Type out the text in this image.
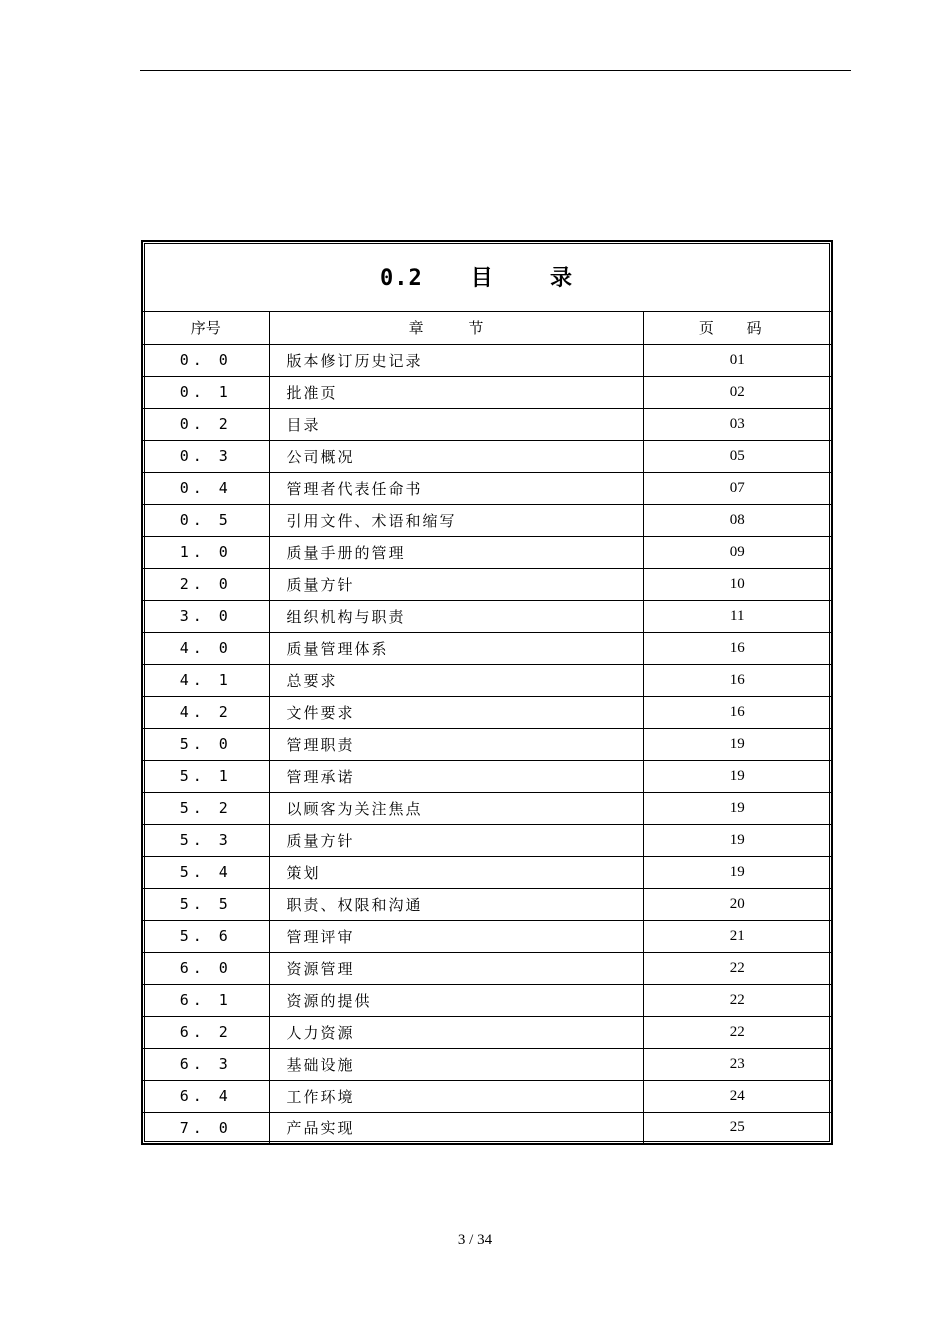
0.2 目 录		
序号	章 节	页 码
0. 0	版本修订历史记录	01
0. 1	批准页	02
0. 2	目录	03
0. 3	公司概况	05
0. 4	管理者代表任命书	07
0. 5	引用文件、术语和缩写	08
1. 0	质量手册的管理	09
2. 0	质量方针	10
3. 0	组织机构与职责	11
4. 0	质量管理体系	16
4. 1	总要求	16
4. 2	文件要求	16
5. 0	管理职责	19
5. 1	管理承诺	19
5. 2	以顾客为关注焦点	19
5. 3	质量方针	19
5. 4	策划	19
5. 5	职责、权限和沟通	20
5. 6	管理评审	21
6. 0	资源管理	22
6. 1	资源的提供	22
6. 2	人力资源	22
6. 3	基础设施	23
6. 4	工作环境	24
7. 0	产品实现	25
3 / 34
